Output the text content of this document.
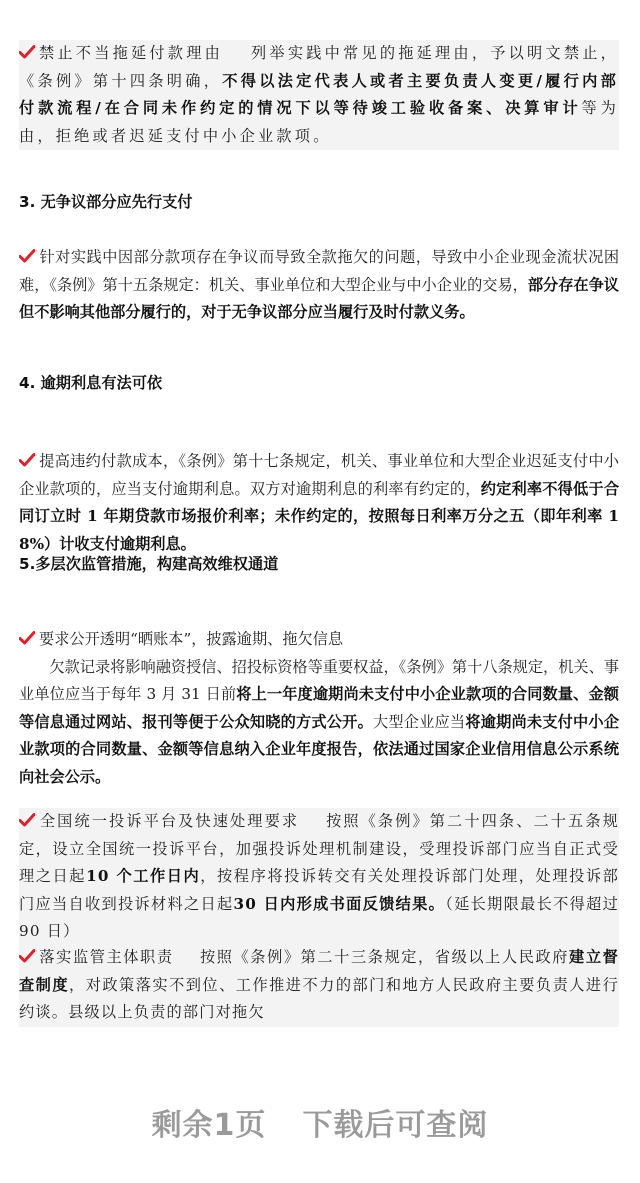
禁止不当拖延付款理由 列举实践中常见的拖延理由，予以明文禁止，《条例》第十四条明确，不得以法定代表人或者主要负责人变更/履行内部付款流程/在合同未作约定的情况下以等待竣工验收备案、决算审计等为由，拒绝或者迟延支付中小企业款项。

3. 无争议部分应先行支付

针对实践中因部分款项存在争议而导致全款拖欠的问题，导致中小企业现金流状况困难，《条例》第十五条规定：机关、事业单位和大型企业与中小企业的交易，部分存在争议但不影响其他部分履行的，对于无争议部分应当履行及时付款义务。

4. 逾期利息有法可依

提高违约付款成本，《条例》第十七条规定，机关、事业单位和大型企业迟延支付中小企业款项的，应当支付逾期利息。双方对逾期利息的利率有约定的，约定利率不得低于合同订立时 1 年期贷款市场报价利率；未作约定的，按照每日利率万分之五（即年利率 18%）计收支付逾期利息。

5.多层次监管措施，构建高效维权通道

要求公开透明“晒账本”，披露逾期、拖欠信息

欠款记录将影响融资授信、招投标资格等重要权益，《条例》第十八条规定，机关、事业单位应当于每年 3 月 31 日前将上一年度逾期尚未支付中小企业款项的合同数量、金额等信息通过网站、报刊等便于公众知晓的方式公开。大型企业应当将逾期尚未支付中小企业款项的合同数量、金额等信息纳入企业年度报告，依法通过国家企业信用信息公示系统向社会公示。

全国统一投诉平台及快速处理要求 按照《条例》第二十四条、二十五条规定，设立全国统一投诉平台，加强投诉处理机制建设，受理投诉部门应当自正式受理之日起10 个工作日内，按程序将投诉转交有关处理投诉部门处理，处理投诉部门应当自收到投诉材料之日起30 日内形成书面反馈结果。（延长期限最长不得超过 90 日）

落实监管主体职责 按照《条例》第二十三条规定，省级以上人民政府建立督查制度，对政策落实不到位、工作推进不力的部门和地方人民政府主要负责人进行约谈。县级以上负责的部门对拖欠

剩余1页 下载后可查阅
